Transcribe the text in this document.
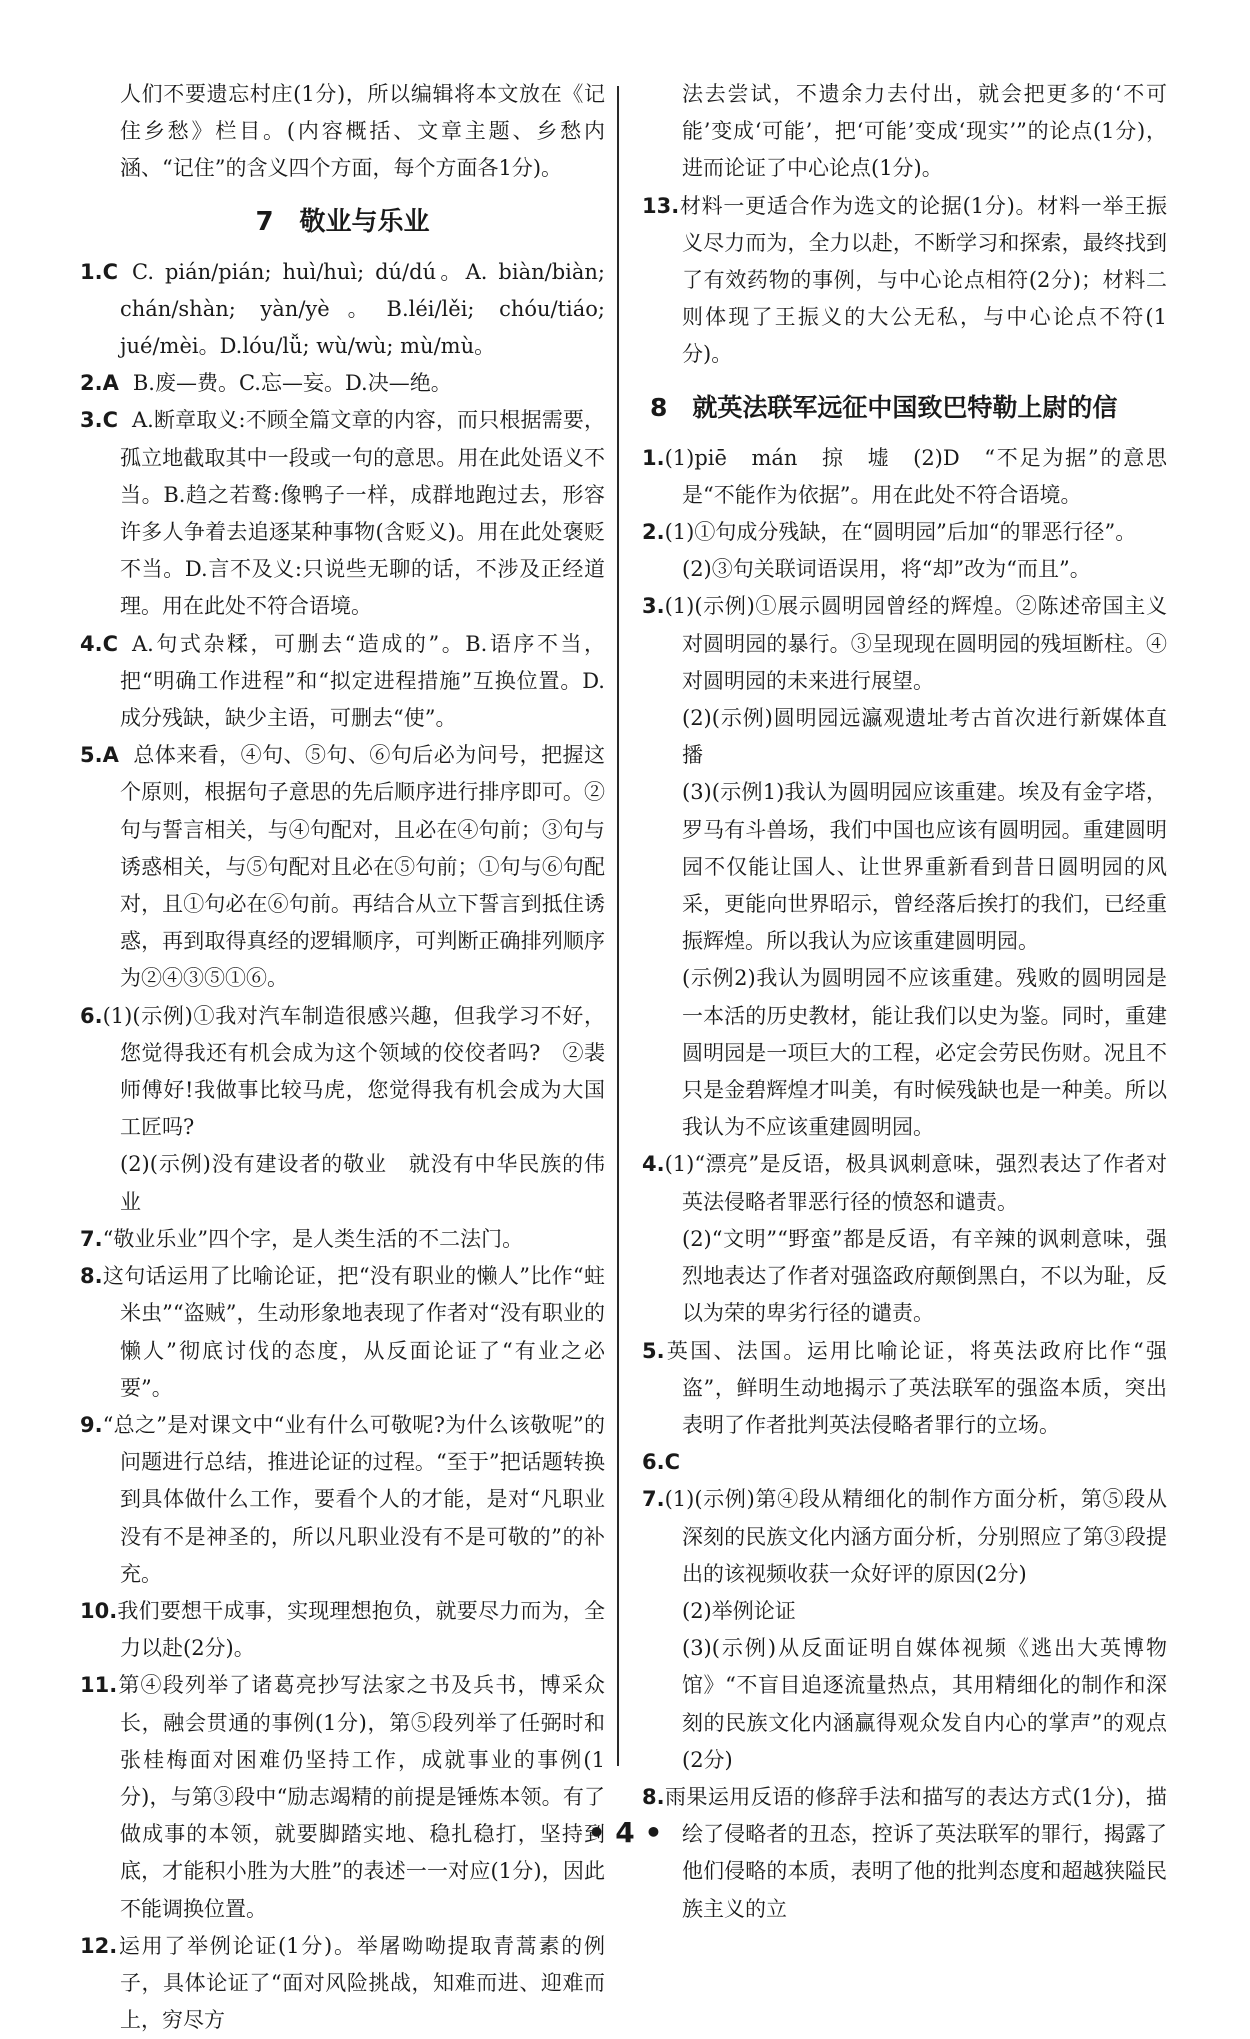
人们不要遗忘村庄(1分)，所以编辑将本文放在《记住乡愁》栏目。(内容概括、文章主题、乡愁内涵、“记住”的含义四个方面，每个方面各1分)。

7　敬业与乐业

1.C C. pián/pián; huì/huì; dú/dú。A. biàn/biàn; chán/shàn; yàn/yè。B.léi/lěi; chóu/tiáo; jué/mèi。D.lóu/lǚ; wù/wù; mù/mù。

2.A B.废—费。C.忘—妄。D.决—绝。

3.C A.断章取义:不顾全篇文章的内容，而只根据需要，孤立地截取其中一段或一句的意思。用在此处语义不当。B.趋之若鹜:像鸭子一样，成群地跑过去，形容许多人争着去追逐某种事物(含贬义)。用在此处褒贬不当。D.言不及义:只说些无聊的话，不涉及正经道理。用在此处不符合语境。

4.C A.句式杂糅，可删去“造成的”。B.语序不当，把“明确工作进程”和“拟定进程措施”互换位置。D.成分残缺，缺少主语，可删去“使”。

5.A 总体来看，④句、⑤句、⑥句后必为问号，把握这个原则，根据句子意思的先后顺序进行排序即可。②句与誓言相关，与④句配对，且必在④句前；③句与诱惑相关，与⑤句配对且必在⑤句前；①句与⑥句配对，且①句必在⑥句前。再结合从立下誓言到抵住诱惑，再到取得真经的逻辑顺序，可判断正确排列顺序为②④③⑤①⑥。

6.(1)(示例)①我对汽车制造很感兴趣，但我学习不好，您觉得我还有机会成为这个领域的佼佼者吗?　②裴师傅好!我做事比较马虎，您觉得我有机会成为大国工匠吗?

(2)(示例)没有建设者的敬业　就没有中华民族的伟业

7.“敬业乐业”四个字，是人类生活的不二法门。

8.这句话运用了比喻论证，把“没有职业的懒人”比作“蛀米虫”“盗贼”，生动形象地表现了作者对“没有职业的懒人”彻底讨伐的态度，从反面论证了“有业之必要”。

9.“总之”是对课文中“业有什么可敬呢?为什么该敬呢”的问题进行总结，推进论证的过程。“至于”把话题转换到具体做什么工作，要看个人的才能，是对“凡职业没有不是神圣的，所以凡职业没有不是可敬的”的补充。

10.我们要想干成事，实现理想抱负，就要尽力而为，全力以赴(2分)。

11.第④段列举了诸葛亮抄写法家之书及兵书，博采众长，融会贯通的事例(1分)，第⑤段列举了任弼时和张桂梅面对困难仍坚持工作，成就事业的事例(1分)，与第③段中“励志竭精的前提是锤炼本领。有了做成事的本领，就要脚踏实地、稳扎稳打，坚持到底，才能积小胜为大胜”的表述一一对应(1分)，因此不能调换位置。

12.运用了举例论证(1分)。举屠呦呦提取青蒿素的例子，具体论证了“面对风险挑战，知难而进、迎难而上，穷尽方

法去尝试，不遗余力去付出，就会把更多的‘不可能’变成‘可能’，把‘可能’变成‘现实’”的论点(1分)，进而论证了中心论点(1分)。

13.材料一更适合作为选文的论据(1分)。材料一举王振义尽力而为，全力以赴，不断学习和探索，最终找到了有效药物的事例，与中心论点相符(2分)；材料二则体现了王振义的大公无私，与中心论点不符(1分)。

8　就英法联军远征中国致巴特勒上尉的信

1.(1)piē　mán　掠　墟　(2)D　“不足为据”的意思是“不能作为依据”。用在此处不符合语境。

2.(1)①句成分残缺，在“圆明园”后加“的罪恶行径”。

(2)③句关联词语误用，将“却”改为“而且”。

3.(1)(示例)①展示圆明园曾经的辉煌。②陈述帝国主义对圆明园的暴行。③呈现现在圆明园的残垣断柱。④对圆明园的未来进行展望。

(2)(示例)圆明园远瀛观遗址考古首次进行新媒体直播

(3)(示例1)我认为圆明园应该重建。埃及有金字塔，罗马有斗兽场，我们中国也应该有圆明园。重建圆明园不仅能让国人、让世界重新看到昔日圆明园的风采，更能向世界昭示，曾经落后挨打的我们，已经重振辉煌。所以我认为应该重建圆明园。

(示例2)我认为圆明园不应该重建。残败的圆明园是一本活的历史教材，能让我们以史为鉴。同时，重建圆明园是一项巨大的工程，必定会劳民伤财。况且不只是金碧辉煌才叫美，有时候残缺也是一种美。所以我认为不应该重建圆明园。

4.(1)“漂亮”是反语，极具讽刺意味，强烈表达了作者对英法侵略者罪恶行径的愤怒和谴责。

(2)“文明”“野蛮”都是反语，有辛辣的讽刺意味，强烈地表达了作者对强盗政府颠倒黑白，不以为耻，反以为荣的卑劣行径的谴责。

5.英国、法国。运用比喻论证，将英法政府比作“强盗”，鲜明生动地揭示了英法联军的强盗本质，突出表明了作者批判英法侵略者罪行的立场。

6.C

7.(1)(示例)第④段从精细化的制作方面分析，第⑤段从深刻的民族文化内涵方面分析，分别照应了第③段提出的该视频收获一众好评的原因(2分)

(2)举例论证

(3)(示例)从反面证明自媒体视频《逃出大英博物馆》“不盲目追逐流量热点，其用精细化的制作和深刻的民族文化内涵赢得观众发自内心的掌声”的观点(2分)

8.雨果运用反语的修辞手法和描写的表达方式(1分)，描绘了侵略者的丑态，控诉了英法联军的罪行，揭露了他们侵略的本质，表明了他的批判态度和超越狭隘民族主义的立

• 4 •
